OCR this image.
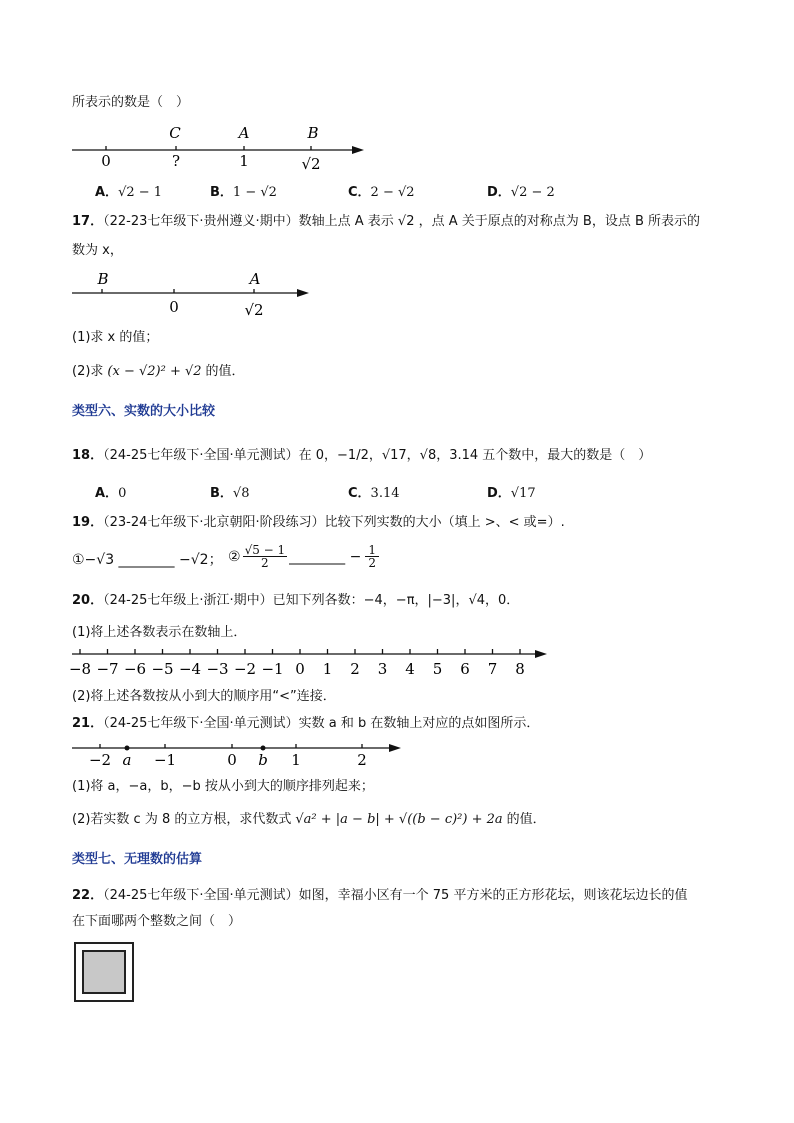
所表示的数是（　）
C	A	B
0	?	1	√2
A．√2 − 1	B．1 − √2	C．2 − √2	D．√2 − 2
17．（22-23七年级下·贵州遵义·期中）数轴上点 A 表示 √2 ，点 A 关于原点的对称点为 B，设点 B 所表示的
数为 x，
B	A
0	√2
(1)求 x 的值；
(2)求 (x − √2)² + √2 的值．
类型六、实数的大小比较
18．（24-25七年级下·全国·单元测试）在 0，−1/2，√17，√8，3.14 五个数中，最大的数是（　）
A．0	B．√8	C．3.14	D．√17
19．（23-24七年级下·北京朝阳·阶段练习）比较下列实数的大小（填上 >、< 或=）.
①−√3 ________ −√2； ② $\frac{√5 - 1}{2}$ ________ − $\frac{1}{2}$
20．（24-25七年级上·浙江·期中）已知下列各数：−4，−π，|−3|，√4，0．
(1)将上述各数表示在数轴上．
−8 −7 −6 −5 −4 −3 −2 −1 0 1 2 3 4 5 6 7 8
(2)将上述各数按从小到大的顺序用“<”连接．
21．（24-25七年级下·全国·单元测试）实数 a 和 b 在数轴上对应的点如图所示．
−2 a −1	0 b 1	2
(1)将 a，−a，b，−b 按从小到大的顺序排列起来；
(2)若实数 c 为 8 的立方根，求代数式 √a² + |a − b| + √((b − c)²) + 2a 的值．
类型七、无理数的估算
22．（24-25七年级下·全国·单元测试）如图，幸福小区有一个 75 平方米的正方形花坛，则该花坛边长的值
在下面哪两个整数之间（　）
